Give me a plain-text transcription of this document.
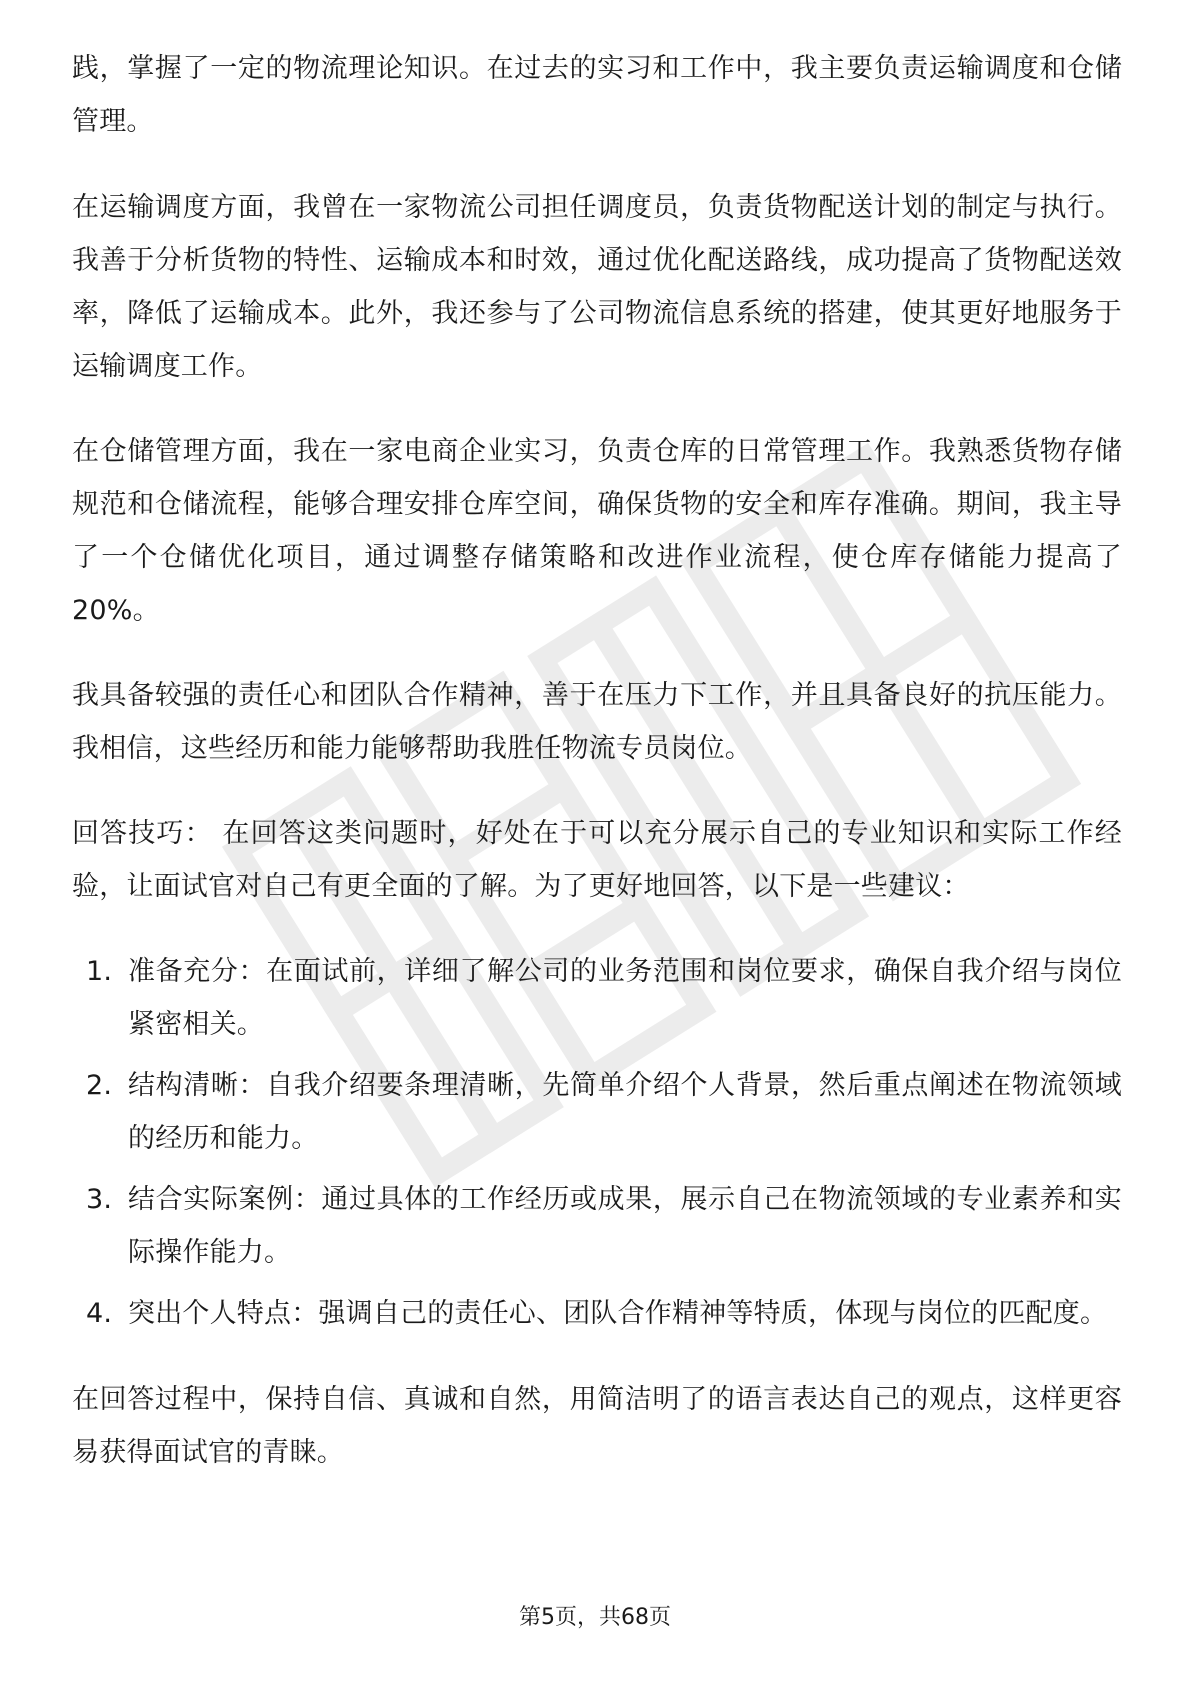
践，掌握了一定的物流理论知识。在过去的实习和工作中，我主要负责运输调度和仓储管理。

在运输调度方面，我曾在一家物流公司担任调度员，负责货物配送计划的制定与执行。我善于分析货物的特性、运输成本和时效，通过优化配送路线，成功提高了货物配送效率，降低了运输成本。此外，我还参与了公司物流信息系统的搭建，使其更好地服务于运输调度工作。

在仓储管理方面，我在一家电商企业实习，负责仓库的日常管理工作。我熟悉货物存储规范和仓储流程，能够合理安排仓库空间，确保货物的安全和库存准确。期间，我主导了一个仓储优化项目，通过调整存储策略和改进作业流程，使仓库存储能力提高了20%。

我具备较强的责任心和团队合作精神，善于在压力下工作，并且具备良好的抗压能力。我相信，这些经历和能力能够帮助我胜任物流专员岗位。

回答技巧： 在回答这类问题时，好处在于可以充分展示自己的专业知识和实际工作经验，让面试官对自己有更全面的了解。为了更好地回答，以下是一些建议：

1. 准备充分：在面试前，详细了解公司的业务范围和岗位要求，确保自我介绍与岗位紧密相关。
2. 结构清晰：自我介绍要条理清晰，先简单介绍个人背景，然后重点阐述在物流领域的经历和能力。
3. 结合实际案例：通过具体的工作经历或成果，展示自己在物流领域的专业素养和实际操作能力。
4. 突出个人特点：强调自己的责任心、团队合作精神等特质，体现与岗位的匹配度。

在回答过程中，保持自信、真诚和自然，用简洁明了的语言表达自己的观点，这样更容易获得面试官的青睐。

第5页，共68页
